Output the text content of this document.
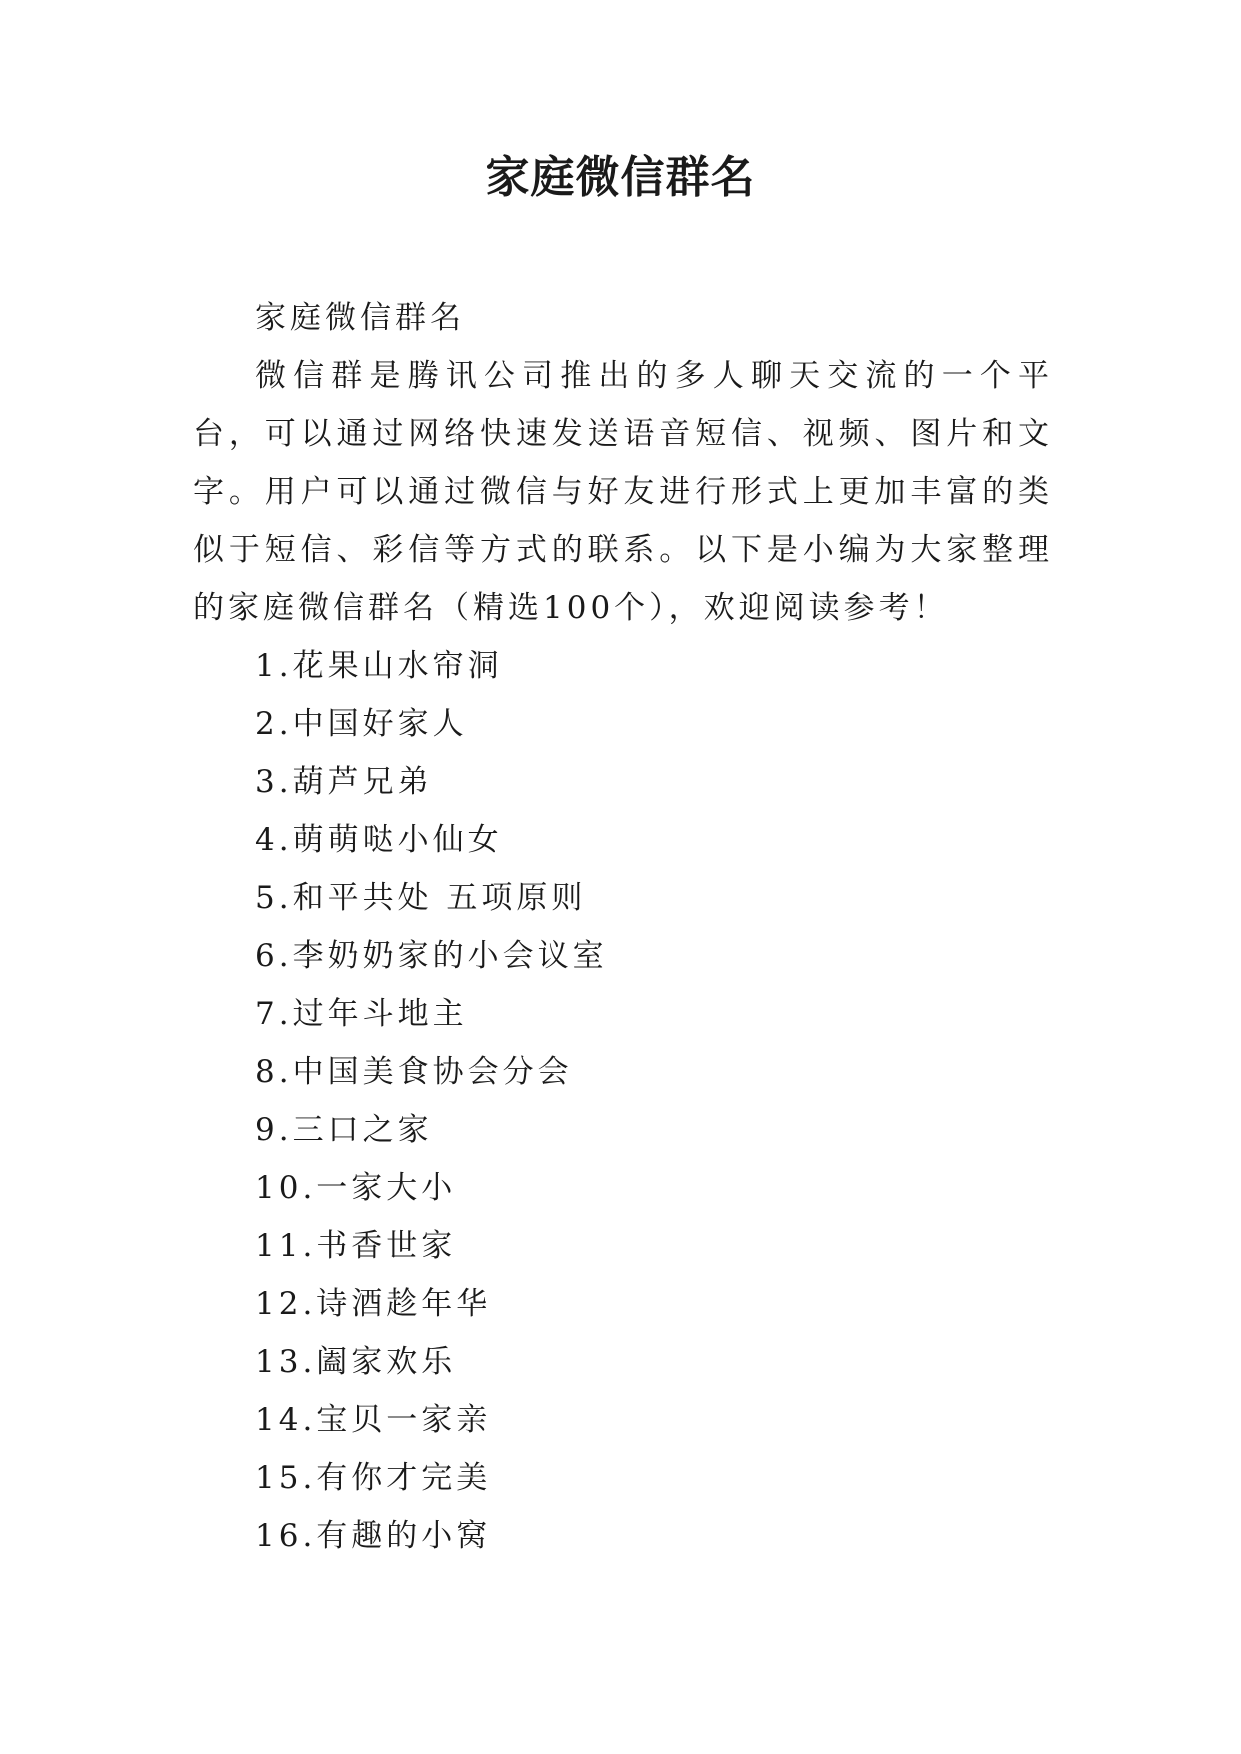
家庭微信群名

家庭微信群名

微信群是腾讯公司推出的多人聊天交流的一个平台，可以通过网络快速发送语音短信、视频、图片和文字。用户可以通过微信与好友进行形式上更加丰富的类似于短信、彩信等方式的联系。以下是小编为大家整理的家庭微信群名（精选100个），欢迎阅读参考！

1.花果山水帘洞
2.中国好家人
3.葫芦兄弟
4.萌萌哒小仙女
5.和平共处 五项原则
6.李奶奶家的小会议室
7.过年斗地主
8.中国美食协会分会
9.三口之家
10.一家大小
11.书香世家
12.诗酒趁年华
13.阖家欢乐
14.宝贝一家亲
15.有你才完美
16.有趣的小窝
